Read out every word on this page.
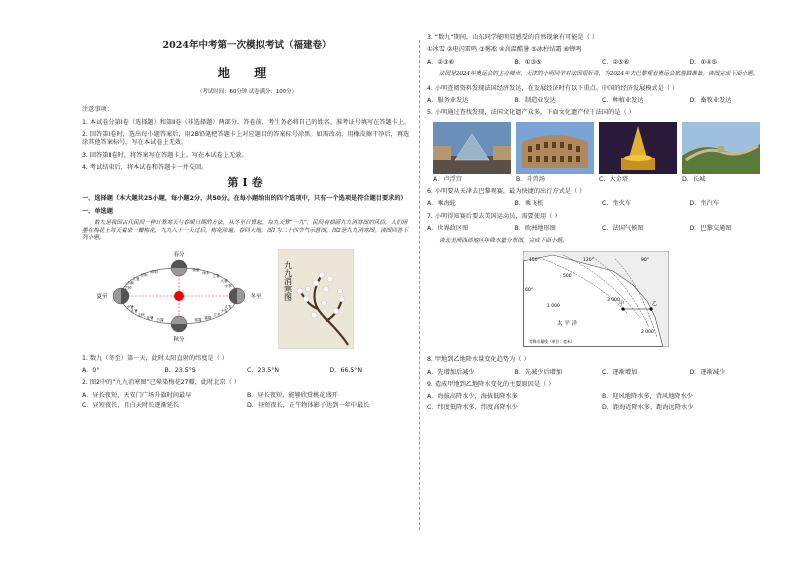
2024年中考第一次模拟考试（福建卷）
地 理
（考试时间：60分钟 试卷满分：100分）

注意事项：

1. 本试卷分第Ⅰ卷（选择题）和第Ⅱ卷（非选择题）两部分。答卷前，考生务必将自己的姓名、准考证号填写在答题卡上。

2. 回答第Ⅰ卷时，选出每小题答案后，用2B铅笔把答题卡上对应题目的答案标号涂黑。如需改动，用橡皮擦干净后，再选涂其他答案标号。写在本试卷上无效。

3. 回答第Ⅱ卷时，将答案写在答题卡上。写在本试卷上无效。

4. 考试结束后，将本试卷和答题卡一并交回。

第Ⅰ卷

一、选择题（本大题共25小题，每小题2分，共50分。在每小题给出的四个选项中，只有一个选项是符合题目要求的）

一、单选题

数九是我国古代民间一种计算寒天与春暖日期的方法，从冬至日算起，每九天算“一九”，民间有描画九九消寒图的风俗，人们用墨在梅花上每天着染一瓣梅花，九九八十一天过后，梅花涂遍，春回大地。图1为二十四节气示意图，图2是九九消寒图。读图回答下列小题。

春分
夏至
秋分
冬至
清明
谷雨
立夏
小满
芒种
小暑
大暑
立秋
处暑 白露	寒露 霜降
立冬
小雪
大雪
小寒
大寒
立春
雨水
惊蛰	九九消寒图

1. 数九（冬至）第一天，此时太阳直射的纬度是（ ）

A．0°	B．23.5°S	C．23.5°N	D．66.5°N

2. 图2中的“九九消寒图”已晕染梅花27瓣，此时北京（ ）

A．昼长夜短，天安门广场升旗时间最早	B．昼长夜短，能够欣赏桃花盛开
C．昼短夜长，且白天时长逐渐延长	D．昼短夜长，正午物体影子达到一年中最长

3. “数九”期间，山东同学能明显感受的自然现象有可能是（ ）

①冰雪 ②电闪雷鸣 ③雾凇 ④高温酷暑 ⑤冰柱结霜 ⑥蝉鸣

A．②③⑥	B．①③⑤	C．②⑤⑥	D．①④⑤

法国是2024年奥运会的主办城市，天津的小明同学对法国很好奇，为2024年去巴黎观看奥运会旅游做准备。读图完成下面小题。

4. 小明查阅资料发现法国经济发达，在发展经济时有以下重点。中国的经济发展模式是（ ）

A．服务业发达	B．制造业发达	C．种植业发达	D．畜牧业发达

5. 小明通过查找发现，法国文化遗产众多，下面文化遗产位于法国的是（ ）

A．卢浮宫	B．斗兽场	C．大金塔	D．长城

6. 小明要从天津去巴黎观赛，最为快捷的出行方式是（ ）

A．乘海轮	B．乘飞机	C．坐火车	D．坐汽车

7. 小明得知赛后要去美国运动员，需要使用（ ）

A．世界政区图	B．欧洲地形图	C．法国气候图	D．巴黎交通图

读北美洲西部地区年降水量分布图，完成下面小题。

甲	乙
150°	120°	90°
60°
500
1 000
2 000
3 000
太 平 洋
等降水量线（单位：毫米）

8. 甲地到乙地降水量变化趋势为（ ）

A．先增加后减少	B．先减少后增加	C．逐渐增加	D．逐渐减少

9. 造成甲地到乙地降水变化的主要原因是（ ）

A．海拔高降水少，海拔低降水多	B．迎风地降水多，背风地降水少
C．纬度低降水多，纬度高降水少	D．距海近降水多，距海远降水少
